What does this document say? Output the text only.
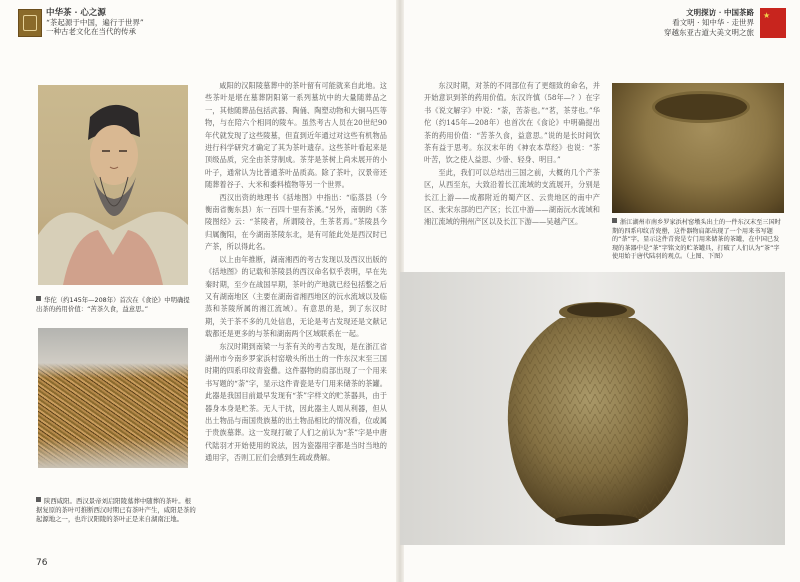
中华茶 · 心之源
“茶起源于中国，遍行于世界”
一种古老文化在当代的传承
★
文明探访 · 中国茶路
看文明 · 知中华 · 走世界
穿越东亚古道大美文明之旅
华佗（约145年—208年）首次在《食论》中明确提出茶的药用价值：“苦茶久食，益意思。”
陕西咸阳。西汉景帝刘启阳陵墓葬中随葬的茶叶。根据复原的茶叶可推断西汉时期已有茶叶产生，咸阳是茶的起源地之一，也许汉阳陵的茶叶正是来自湖南汪地。

咸阳的汉阳陵墓葬中的茶叶留有可能就来自此地。这些茶叶是堪在墓葬阴阳第一系列墓坑中的大量随葬品之一，其他随葬品包括武器、陶俑、陶塑动物和大铜马匹等物，与在陪六个相同的陵车。虽然考古人员在20世纪90年代就发现了这些陵墓，但直到近年通过对这些有机物品进行科学研究才确定了其为茶叶遗存。这些茶叶看起来是顶级品质，完全由茶芽制成。茶芽是茶树上尚未展开的小叶子，通常认为比普通茶叶品质高。除了茶叶，汉景帝还随葬着谷子、大米和黍料植物等另一个世界。

西汉出资的地理书《括地图》中指出：“临蒸县（今衡南省衡东县）东一百四十里有茶溪。”另外，南朝的《茶陵图经》云：“茶陵者，所谓陵谷，生茶茗焉。”茶陵县今归属衡阳，在今湖南茶陵东北，是有可能此处是西汉时已产茶，所以得此名。

以上由年推断，湖南湘西的考古发现以及西汉出版的《括地图》的记载和茶陵县的西汉命名似乎表明，早在先秦时期，至少在战国早期，茶叶的产地就已经包括整之后又有湖南地区（主要在湖南省湘西地区的沅水流域以及临蒸和茶陵所属的湘江流域）。有意思的是，到了东汉时期，关于茶不多的几处信息，无论是考古发现还是文献记载都还是更多的与茶和湖南两个区域联系在一起。

东汉时期到南梁一与茶有关的考古发现，是在浙江省湖州市今南乡罗家浜村窑墩头所出土的一件东汉末至三国时期的四系印纹青瓷罍。这件器物的肩部出现了一个用来书写题的“荼”字，显示这件青瓷是专门用来储茶的茶罐。此器是我国目前最早发现有“茶”字样文的贮茶器具，由于器身本身是贮茶。无人干扰，因此器主人周从利器，但从出土物品与南国贵族墓的出土物品相比的情况看，位或属于贵族墓葬。这一发现打破了人们之前认为“茶”字是中唐代陆羽才开始使用的说法，因为瓷器用字都是当时当地的通用字，否则工匠们会感到生疏或费解。

76

东汉时期，对茶的不同部位有了更细致的命名，并开始意识到茶的药用价值。东汉许慎（58年—？）在字书《说文解字》中说：“荼，苦荼也。”“茗，茶芽也。”华佗（约145年—208年）也首次在《食论》中明确提出茶的药用价值：“苦茶久食，益意思。”说的是长时间饮茶有益于思考。东汉末年的《神农本草经》也说：“茶叶苦，饮之使人益思、少卧、轻身、明目。”

至此，我们可以总结出三国之前，大概的几个产茶区，从西至东，大致沿着长江流域的支流展开，分别是长江上游——成都附近的蜀产区、云贵地区的南中产区、张宋东部的巴产区；长江中游——湖南沅水流域和湘江流域的荆州产区以及长江下游——吴越产区。	浙江湖州市南乡罗家浜村窑墩头出土的一件东汉末至三国时期的四系印纹青瓷罍，这件器物肩部出现了一个用来书写题的“荼”字，显示这件青瓷是专门用来储茶的茶罐，在中国已发现的茶器中是“茶”字铭文的贮茶罐具，打破了人们认为“茶”字使用始于唐代陆羽的观点。（上图、下图）
